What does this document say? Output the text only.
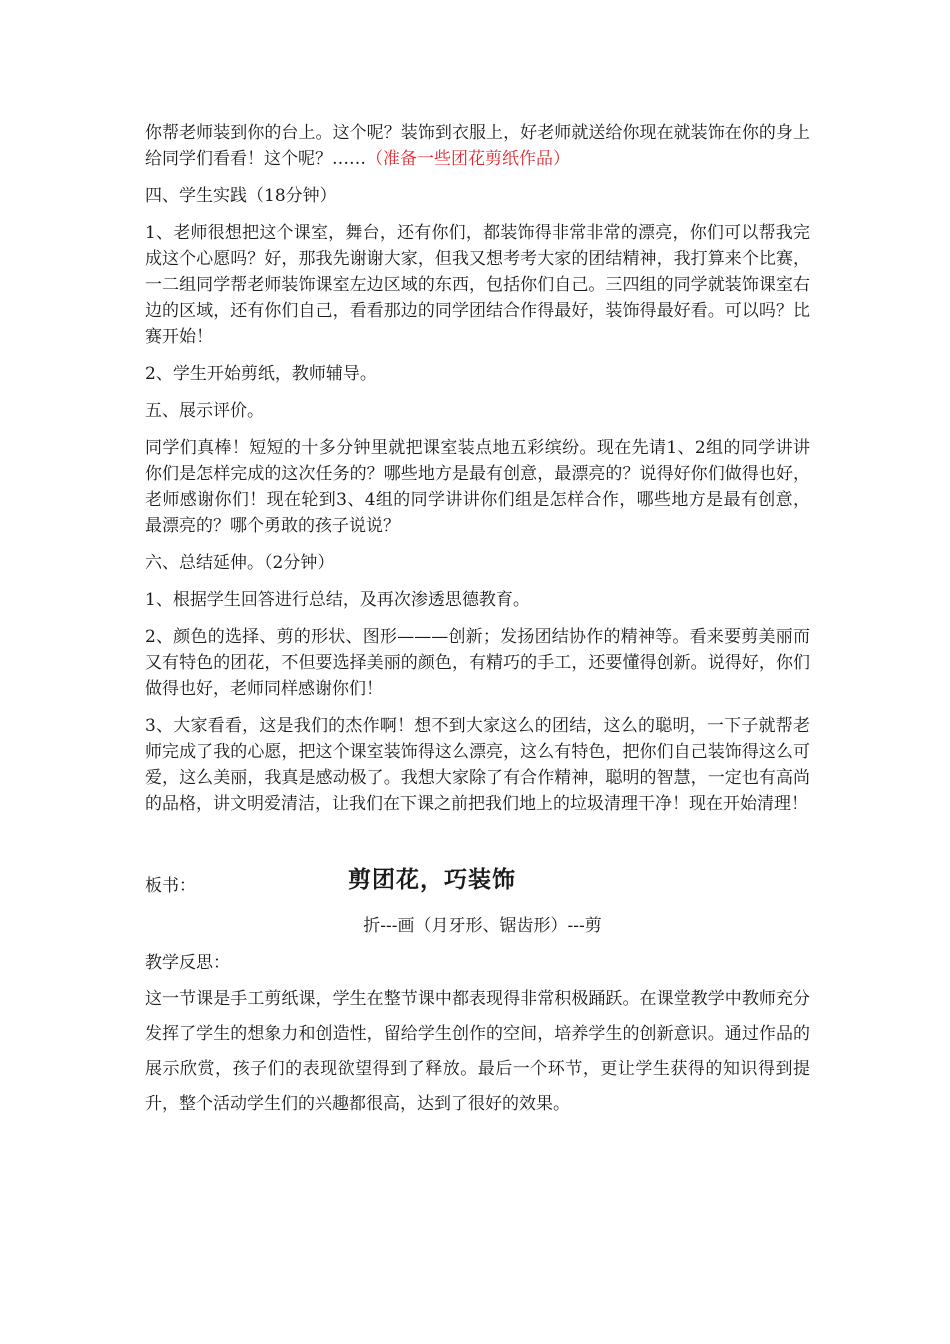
你帮老师装到你的台上。这个呢？装饰到衣服上，好老师就送给你现在就装饰在你的身上给同学们看看！这个呢？……（准备一些团花剪纸作品）

四、学生实践（18分钟）

1、老师很想把这个课室，舞台，还有你们，都装饰得非常非常的漂亮，你们可以帮我完成这个心愿吗？好，那我先谢谢大家，但我又想考考大家的团结精神，我打算来个比赛，一二组同学帮老师装饰课室左边区域的东西，包括你们自己。三四组的同学就装饰课室右边的区域，还有你们自己，看看那边的同学团结合作得最好，装饰得最好看。可以吗？比赛开始！

2、学生开始剪纸，教师辅导。

五、展示评价。

同学们真棒！短短的十多分钟里就把课室装点地五彩缤纷。现在先请1、2组的同学讲讲你们是怎样完成的这次任务的？哪些地方是最有创意，最漂亮的？说得好你们做得也好，老师感谢你们！现在轮到3、4组的同学讲讲你们组是怎样合作，哪些地方是最有创意，最漂亮的？哪个勇敢的孩子说说？

六、总结延伸。（2分钟）

1、根据学生回答进行总结，及再次渗透思德教育。

2、颜色的选择、剪的形状、图形———创新；发扬团结协作的精神等。看来要剪美丽而又有特色的团花，不但要选择美丽的颜色，有精巧的手工，还要懂得创新。说得好，你们做得也好，老师同样感谢你们！

3、大家看看，这是我们的杰作啊！想不到大家这么的团结，这么的聪明，一下子就帮老师完成了我的心愿，把这个课室装饰得这么漂亮，这么有特色，把你们自己装饰得这么可爱，这么美丽，我真是感动极了。我想大家除了有合作精神，聪明的智慧，一定也有高尚的品格，讲文明爱清洁，让我们在下课之前把我们地上的垃圾清理干净！现在开始清理！

板书：	剪团花，巧装饰
折---画（月牙形、锯齿形）---剪
教学反思：

这一节课是手工剪纸课，学生在整节课中都表现得非常积极踊跃。在课堂教学中教师充分发挥了学生的想象力和创造性，留给学生创作的空间，培养学生的创新意识。通过作品的展示欣赏，孩子们的表现欲望得到了释放。最后一个环节，更让学生获得的知识得到提升，整个活动学生们的兴趣都很高，达到了很好的效果。
